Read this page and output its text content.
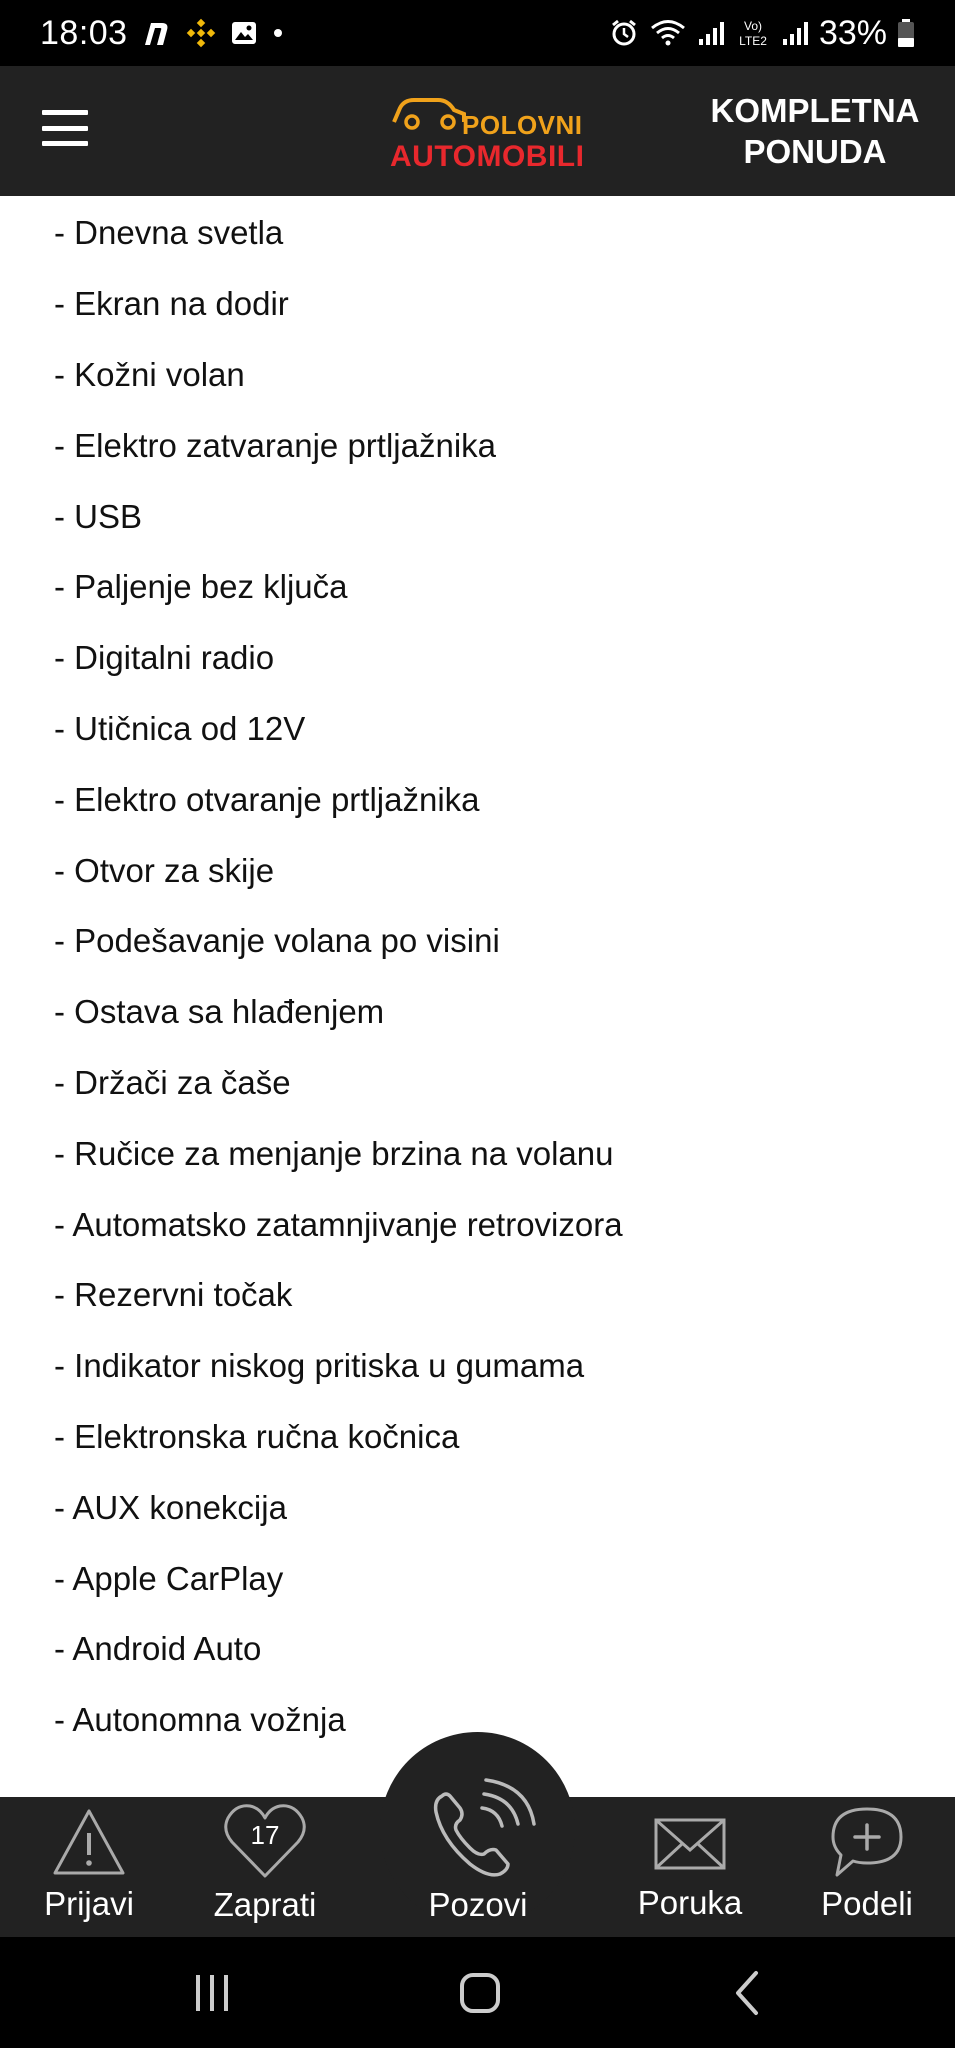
18:03	Vo)
LTE2 33%
POLOVNI
AUTOMOBILI
KOMPLETNA
PONUDA
- Dnevna svetla
- Ekran na dodir
- Kožni volan
- Elektro zatvaranje prtljažnika
- USB
- Paljenje bez ključa
- Digitalni radio
- Utičnica od 12V
- Elektro otvaranje prtljažnika
- Otvor za skije
- Podešavanje volana po visini
- Ostava sa hlađenjem
- Držači za čaše
- Ručice za menjanje brzina na volanu
- Automatsko zatamnjivanje retrovizora
- Rezervni točak
- Indikator niskog pritiska u gumama
- Elektronska ručna kočnica
- AUX konekcija
- Apple CarPlay
- Android Auto
- Autonomna vožnja
Prijavi
17
Zaprati	Pozovi	Poruka	Podeli
